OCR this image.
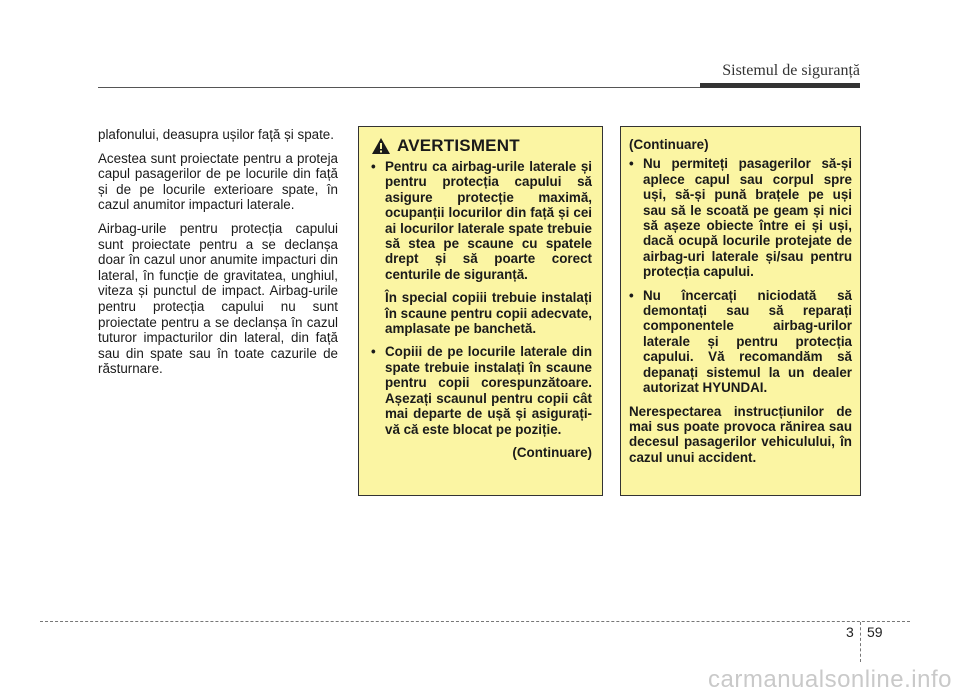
Sistemul de siguranță

plafonului, deasupra ușilor față și spate.

Acestea sunt proiectate pentru a proteja capul pasagerilor de pe locurile din față și de pe locurile exterioare spate, în cazul anumitor impacturi laterale.

Airbag-urile pentru protecția capului sunt proiectate pentru a se declanșa doar în cazul unor anumite impacturi din lateral, în funcție de gravitatea, unghiul, viteza și punctul de impact. Airbag-urile pentru protecția capului nu sunt proiectate pentru a se declanșa în cazul tuturor impacturilor din lateral, din față sau din spate sau în toate cazurile de răsturnare.

AVERTISMENT
• Pentru ca airbag-urile laterale și pentru protecția capului să asigure protecție maximă, ocupanții locurilor din față și cei ai locurilor laterale spate trebuie să stea pe scaune cu spatele drept și să poarte corect centurile de siguranță.
În special copiii trebuie instalați în scaune pentru copii adecvate, amplasate pe banchetă.
• Copiii de pe locurile laterale din spate trebuie instalați în scaune pentru copii corespunzătoare. Așezați scaunul pentru copii cât mai departe de ușă și asigurați-vă că este blocat pe poziție.
(Continuare)
(Continuare)
• Nu permiteți pasagerilor să-și aplece capul sau corpul spre uși, să-și pună brațele pe uși sau să le scoată pe geam și nici să așeze obiecte între ei și uși, dacă ocupă locurile protejate de airbag-uri laterale și/sau pentru protecția capului.
• Nu încercați niciodată să demontați sau să reparați componentele airbag-urilor laterale și pentru protecția capului. Vă recomandăm să depanați sistemul la un dealer autorizat HYUNDAI.
Nerespectarea instrucțiunilor de mai sus poate provoca rănirea sau decesul pasagerilor vehiculului, în cazul unui accident.
3 59
carmanualsonline.info
